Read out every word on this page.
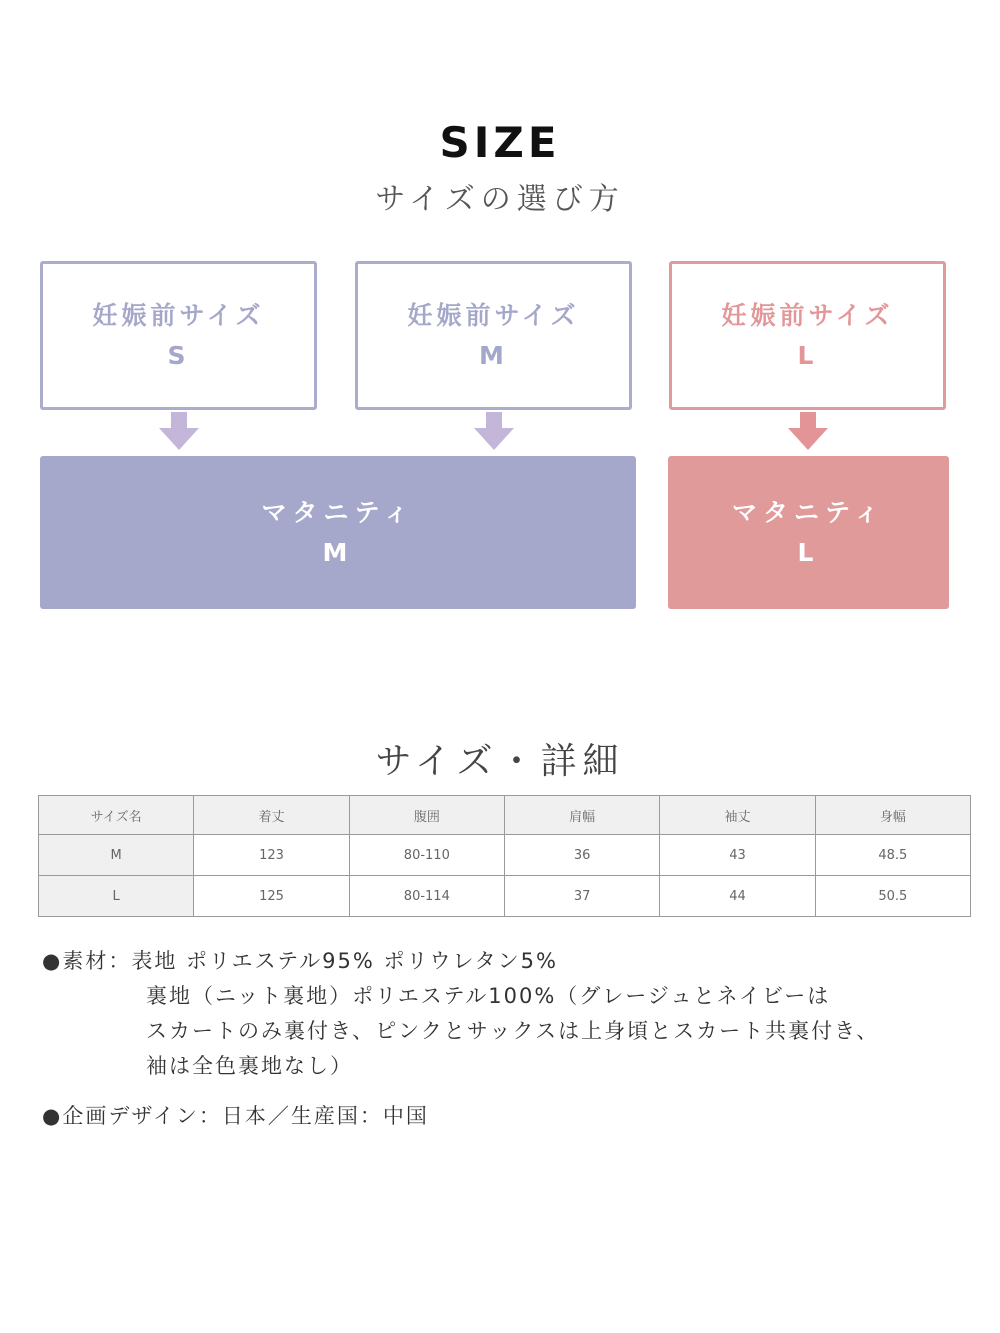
SIZE
サイズの選び方
妊娠前サイズ
S
妊娠前サイズ
M
妊娠前サイズ
L
マタニティ
M
マタニティ
L
サイズ・詳細
サイズ名	着丈	腹囲	肩幅	袖丈	身幅
M	123	80-110	36	43	48.5
L	125	80-114	37	44	50.5
●素材：表地 ポリエステル95% ポリウレタン5%
裏地（ニット裏地）ポリエステル100%（グレージュとネイビーは
スカートのみ裏付き、ピンクとサックスは上身頃とスカート共裏付き、
袖は全色裏地なし）
●企画デザイン：日本／生産国：中国
